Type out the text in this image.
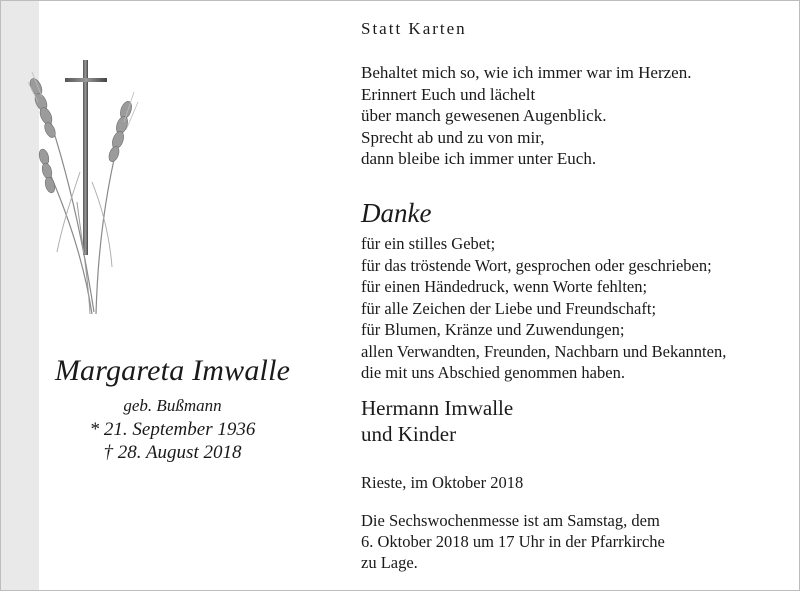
Margareta Imwalle
geb. Bußmann
* 21. September 1936
† 28. August 2018
Statt Karten
Behaltet mich so, wie ich immer war im Herzen.
Erinnert Euch und lächelt
über manch gewesenen Augenblick.
Sprecht ab und zu von mir,
dann bleibe ich immer unter Euch.
Danke
für ein stilles Gebet;
für das tröstende Wort, gesprochen oder geschrieben;
für einen Händedruck, wenn Worte fehlten;
für alle Zeichen der Liebe und Freundschaft;
für Blumen, Kränze und Zuwendungen;
allen Verwandten, Freunden, Nachbarn und Bekannten,
die mit uns Abschied genommen haben.
Hermann Imwalle
und Kinder
Rieste, im Oktober 2018
Die Sechswochenmesse ist am Samstag, dem
6. Oktober 2018 um 17 Uhr in der Pfarrkirche
zu Lage.
